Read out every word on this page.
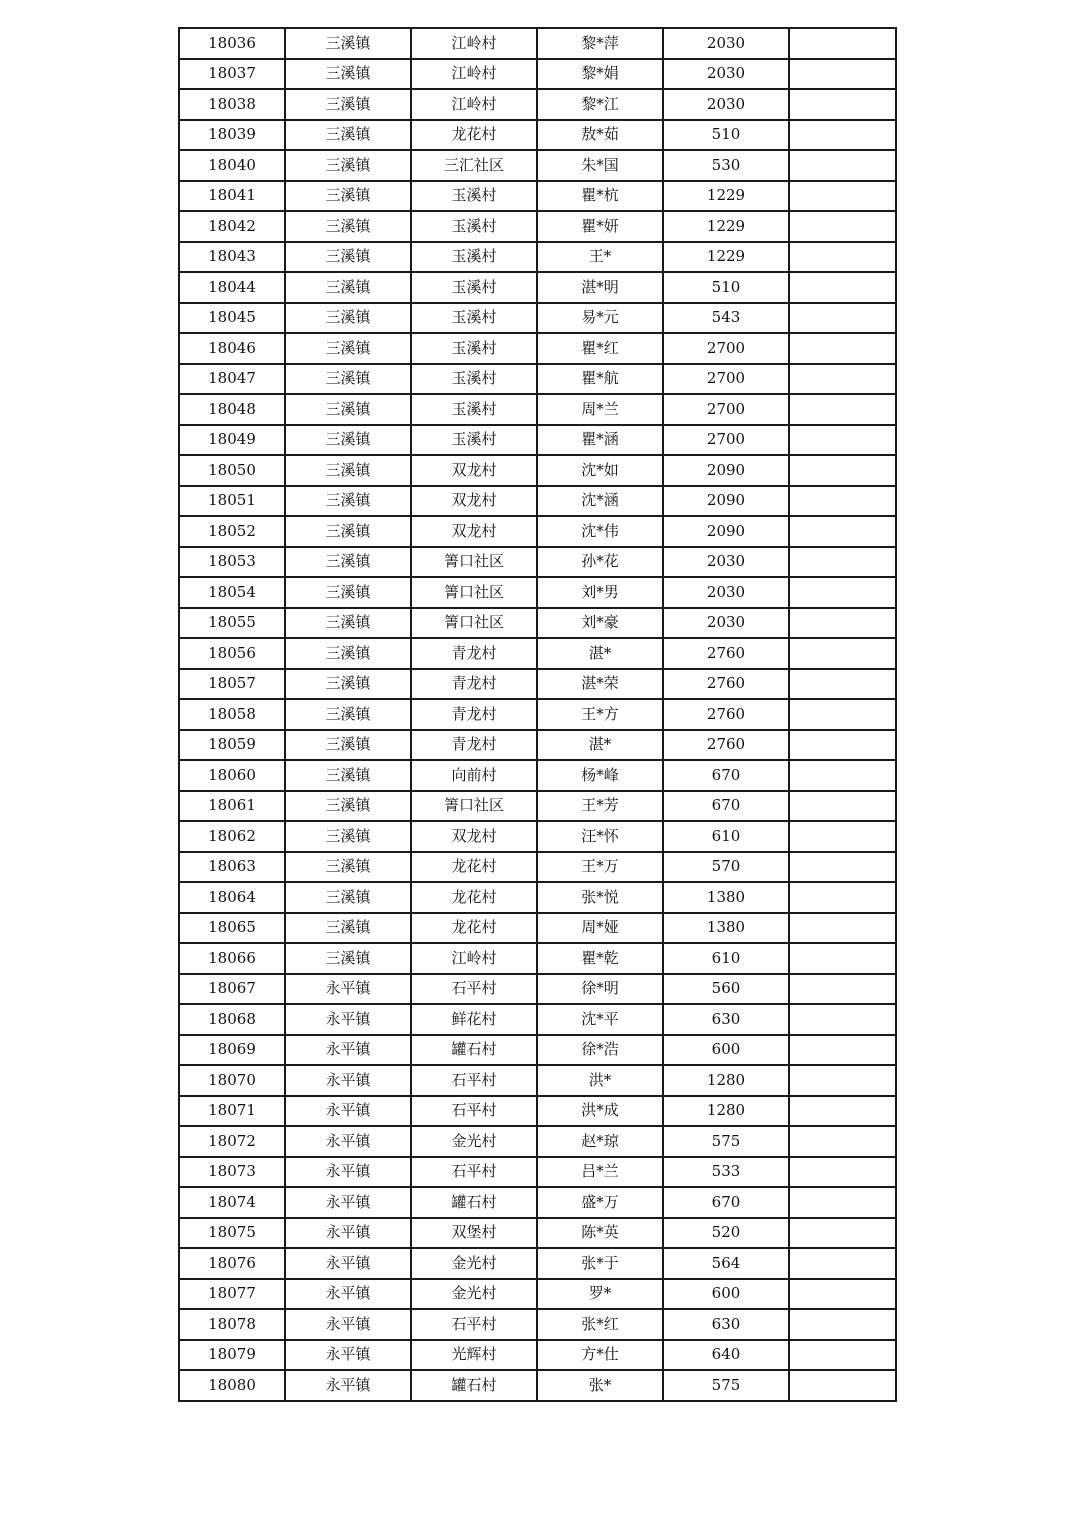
18036	三溪镇	江岭村	黎*萍	2030	
18037	三溪镇	江岭村	黎*娟	2030	
18038	三溪镇	江岭村	黎*江	2030	
18039	三溪镇	龙花村	敖*茹	510	
18040	三溪镇	三汇社区	朱*国	530	
18041	三溪镇	玉溪村	瞿*杭	1229	
18042	三溪镇	玉溪村	瞿*妍	1229	
18043	三溪镇	玉溪村	王*	1229	
18044	三溪镇	玉溪村	湛*明	510	
18045	三溪镇	玉溪村	易*元	543	
18046	三溪镇	玉溪村	瞿*红	2700	
18047	三溪镇	玉溪村	瞿*航	2700	
18048	三溪镇	玉溪村	周*兰	2700	
18049	三溪镇	玉溪村	瞿*涵	2700	
18050	三溪镇	双龙村	沈*如	2090	
18051	三溪镇	双龙村	沈*涵	2090	
18052	三溪镇	双龙村	沈*伟	2090	
18053	三溪镇	箐口社区	孙*花	2030	
18054	三溪镇	箐口社区	刘*男	2030	
18055	三溪镇	箐口社区	刘*豪	2030	
18056	三溪镇	青龙村	湛*	2760	
18057	三溪镇	青龙村	湛*荣	2760	
18058	三溪镇	青龙村	王*方	2760	
18059	三溪镇	青龙村	湛*	2760	
18060	三溪镇	向前村	杨*峰	670	
18061	三溪镇	箐口社区	王*芳	670	
18062	三溪镇	双龙村	汪*怀	610	
18063	三溪镇	龙花村	王*万	570	
18064	三溪镇	龙花村	张*悦	1380	
18065	三溪镇	龙花村	周*娅	1380	
18066	三溪镇	江岭村	瞿*乾	610	
18067	永平镇	石平村	徐*明	560	
18068	永平镇	鲜花村	沈*平	630	
18069	永平镇	罐石村	徐*浩	600	
18070	永平镇	石平村	洪*	1280	
18071	永平镇	石平村	洪*成	1280	
18072	永平镇	金光村	赵*琼	575	
18073	永平镇	石平村	吕*兰	533	
18074	永平镇	罐石村	盛*万	670	
18075	永平镇	双堡村	陈*英	520	
18076	永平镇	金光村	张*于	564	
18077	永平镇	金光村	罗*	600	
18078	永平镇	石平村	张*红	630	
18079	永平镇	光辉村	方*仕	640	
18080	永平镇	罐石村	张*	575	
